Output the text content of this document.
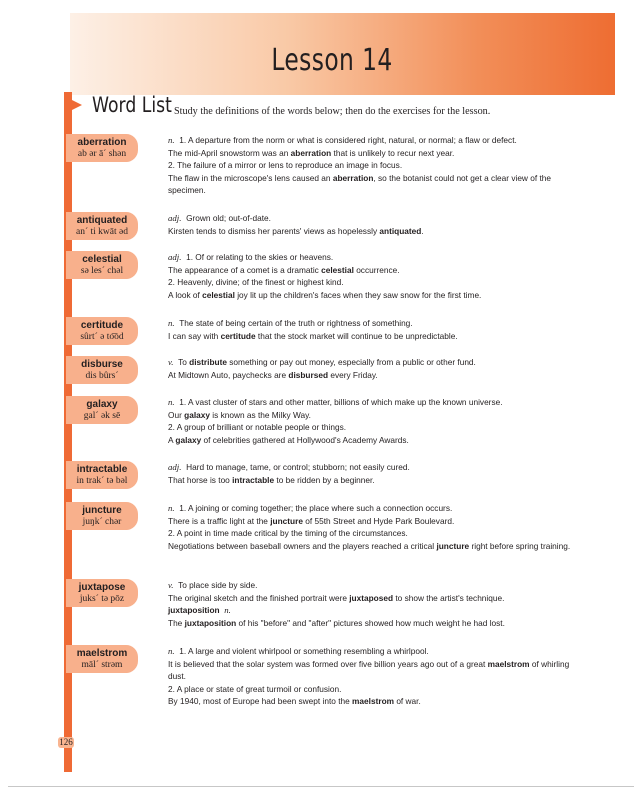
Lesson 14
Word List Study the definitions of the words below; then do the exercises for the lesson.
aberration
ab ər ā´ shən
n. 1. A departure from the norm or what is considered right, natural, or normal; a flaw or defect.
The mid-April snowstorm was an aberration that is unlikely to recur next year.
2. The failure of a mirror or lens to reproduce an image in focus.
The flaw in the microscope's lens caused an aberration, so the botanist could not get a clear view of the specimen.
antiquated
an´ ti kwāt əd
adj. Grown old; out-of-date.
Kirsten tends to dismiss her parents' views as hopelessly antiquated.
celestial
sə les´ chəl
adj. 1. Of or relating to the skies or heavens.
The appearance of a comet is a dramatic celestial occurrence.
2. Heavenly, divine; of the finest or highest kind.
A look of celestial joy lit up the children's faces when they saw snow for the first time.
certitude
sûrt´ ə to͞od
n. The state of being certain of the truth or rightness of something.
I can say with certitude that the stock market will continue to be unpredictable.
disburse
dis bûrs´
v. To distribute something or pay out money, especially from a public or other fund.
At Midtown Auto, paychecks are disbursed every Friday.
galaxy
gal´ ək sē
n. 1. A vast cluster of stars and other matter, billions of which make up the known universe.
Our galaxy is known as the Milky Way.
2. A group of brilliant or notable people or things.
A galaxy of celebrities gathered at Hollywood's Academy Awards.
intractable
in trak´ tə bəl
adj. Hard to manage, tame, or control; stubborn; not easily cured.
That horse is too intractable to be ridden by a beginner.
juncture
juŋk´ chər
n. 1. A joining or coming together; the place where such a connection occurs.
There is a traffic light at the juncture of 55th Street and Hyde Park Boulevard.
2. A point in time made critical by the timing of the circumstances.
Negotiations between baseball owners and the players reached a critical juncture right before spring training.
juxtapose
juks´ tə pōz
v. To place side by side.
The original sketch and the finished portrait were juxtaposed to show the artist's technique.
juxtaposition n.
The juxtaposition of his "before" and "after" pictures showed how much weight he had lost.
maelstrom
māl´ strəm
n. 1. A large and violent whirlpool or something resembling a whirlpool.
It is believed that the solar system was formed over five billion years ago out of a great maelstrom of whirling dust.
2. A place or state of great turmoil or confusion.
By 1940, most of Europe had been swept into the maelstrom of war.
126
